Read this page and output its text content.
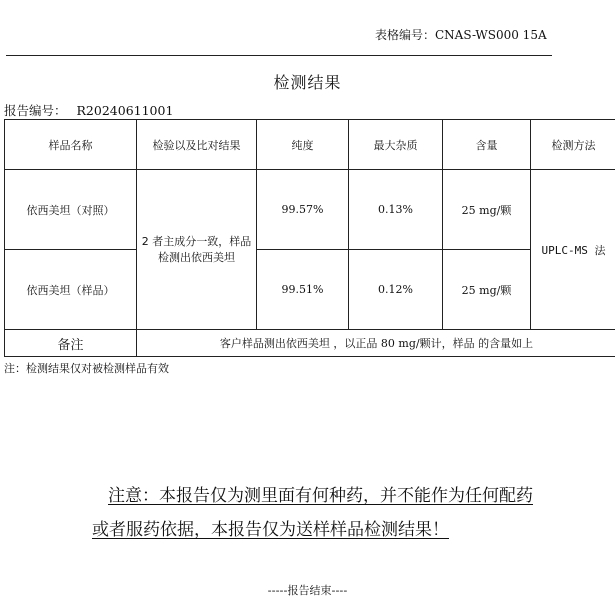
表格编号：CNAS-WS000 15A
检测结果
报告编号： R20240611001
样品名称	检验以及比对结果	纯度	最大杂质	含量	检测方法
依西美坦（对照）	2 者主成分一致，样品检测出依西美坦	99.57%	0.13%	25 mg/颗	UPLC-MS 法
依西美坦（样品）		99.51%	0.12%	25 mg/颗	
备注	客户样品测出依西美坦 ，以正品 80 mg/颗计，样品 的含量如上				
注：检测结果仅对被检测样品有效
注意：本报告仅为测里面有何种药，并不能作为任何配药
或者服药依据，本报告仅为送样样品检测结果！
-----报告结束----
